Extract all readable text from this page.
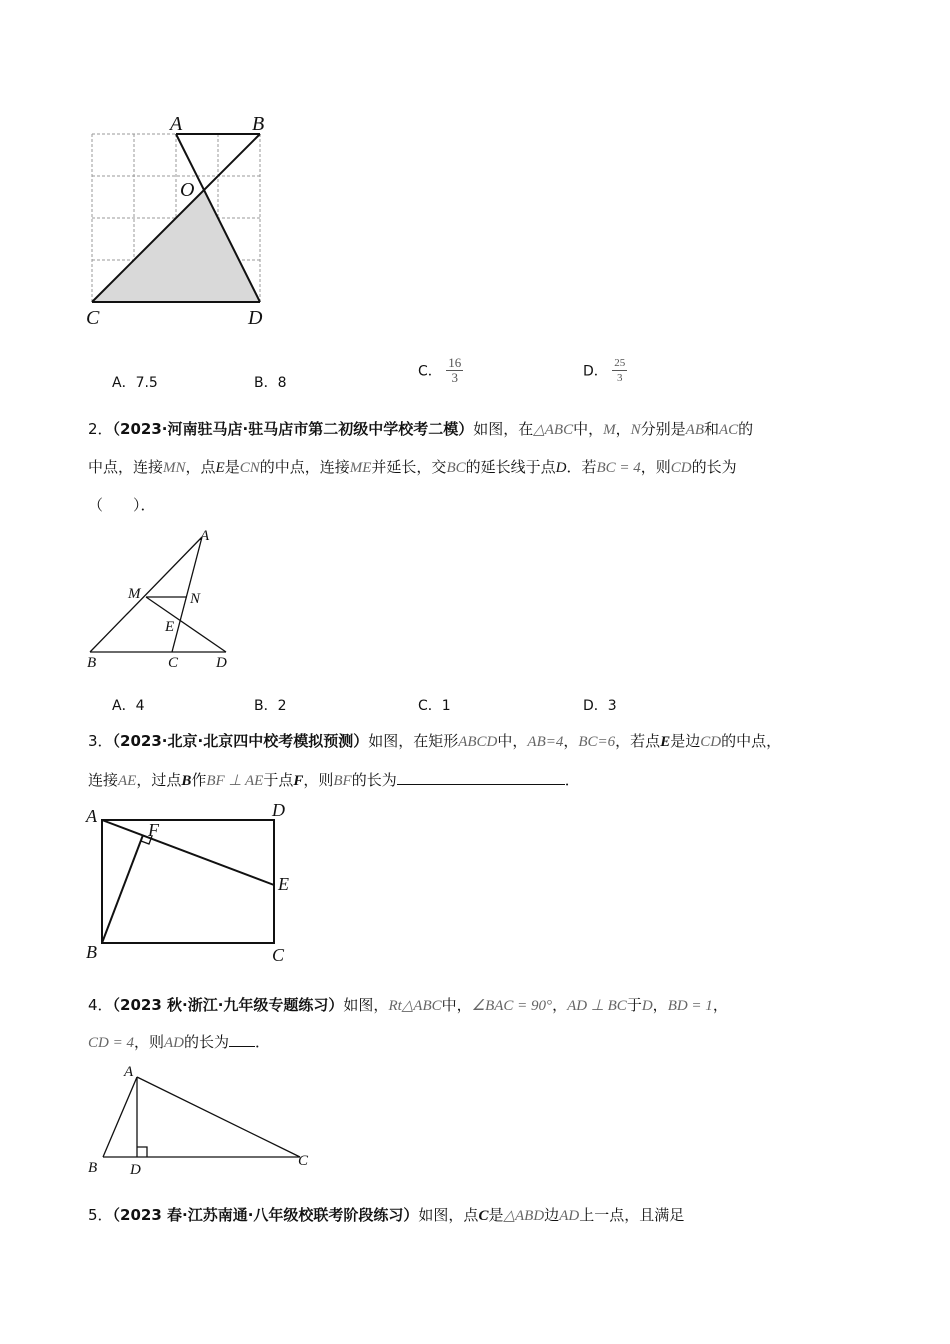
A	B
O
C	D
A．7.5	B．8
C． $\frac{16}{3}$	D． $\frac{25}{3}$
2．（2023·河南驻马店·驻马店市第二初级中学校考二模）如图，在△ABC中，M，N分别是AB和AC的
中点，连接MN，点E是CN的中点，连接ME并延长，交BC的延长线于点D．若BC = 4，则CD的长为
（　　）．
A
M	N
E
B	C	D
A．4	B．2	C．1	D．3
3．（2023·北京·北京四中校考模拟预测）如图，在矩形ABCD中，AB=4，BC=6，若点E是边CD的中点，
连接AE，过点B作BF ⊥ AE于点F，则BF的长为	．
A	D
F
E
B	C
4．（2023 秋·浙江·九年级专题练习）如图，Rt△ABC中，∠BAC = 90°，AD ⊥ BC于D，BD = 1，
CD = 4，则AD的长为 ．
A
B D
C
5．（2023 春·江苏南通·八年级校联考阶段练习）如图，点C是△ABD边AD上一点，且满足
